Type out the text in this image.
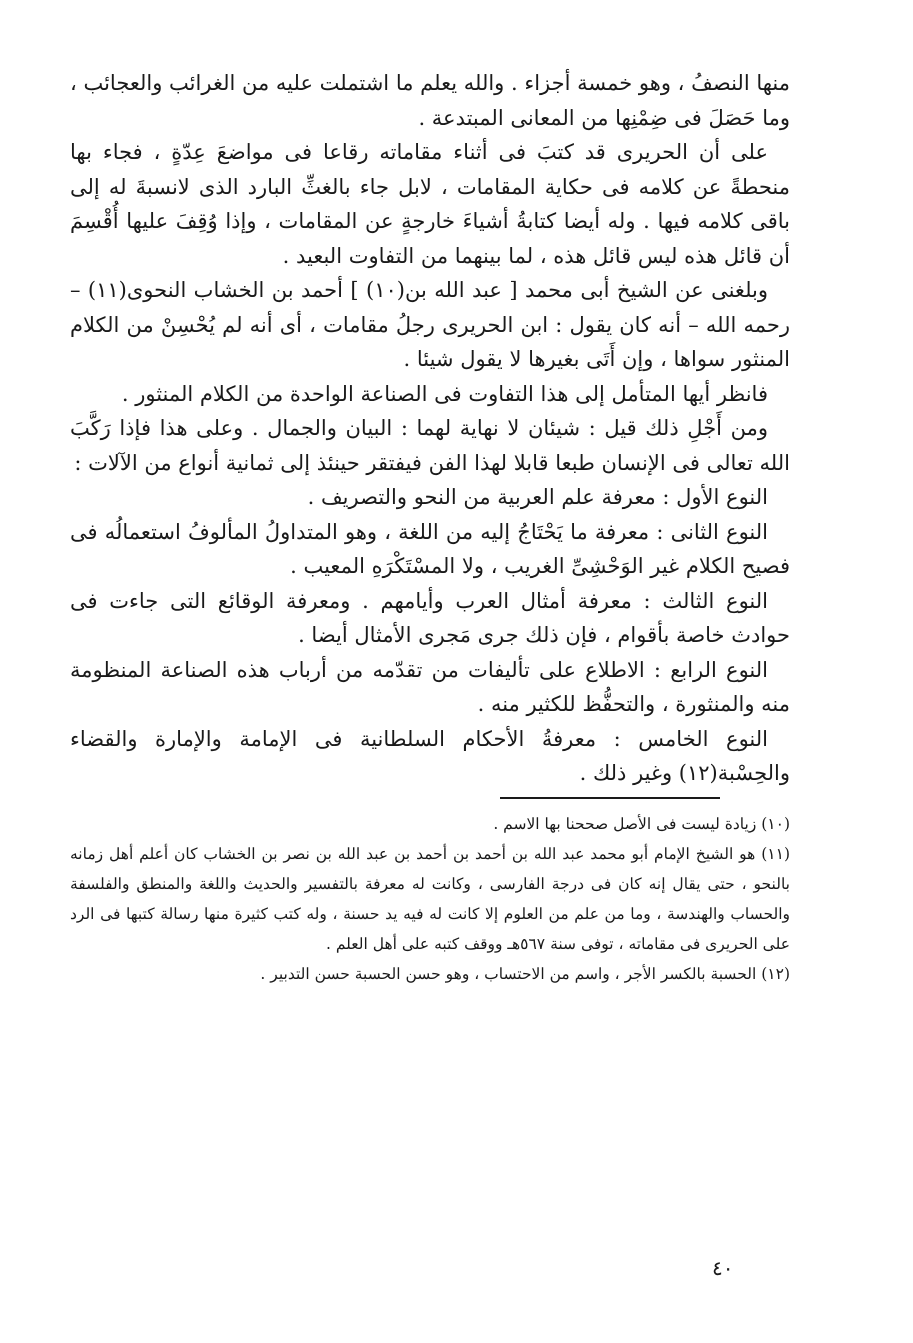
منها النصفُ ، وهو خمسة أجزاء . والله يعلم ما اشتملت عليه من الغرائب والعجائب ، وما حَصَلَ فى ضِمْنِها من المعانى المبتدعة .

على أن الحريرى قد كتبَ فى أثناء مقاماته رقاعا فى مواضعَ عِدّةٍ ، فجاء بها منحطةً عن كلامه فى حكاية المقامات ، لابل جاء بالغثِّ البارد الذى لانسبةَ له إلى باقى كلامه فيها . وله أيضا كتابةُ أشياءَ خارجةٍ عن المقامات ، وإذا وُقِفَ عليها أُقْسِمَ أن قائل هذه ليس قائل هذه ، لما بينهما من التفاوت البعيد .

وبلغنى عن الشيخ أبى محمد [ عبد الله بن(١٠) ] أحمد بن الخشاب النحوى(١١) – رحمه الله – أنه كان يقول : ابن الحريرى رجلُ مقامات ، أى أنه لم يُحْسِنْ من الكلام المنثور سواها ، وإن أَتَى بغيرها لا يقول شيئا .

فانظر أيها المتأمل إلى هذا التفاوت فى الصناعة الواحدة من الكلام المنثور .

ومن أَجْلِ ذلك قيل : شيئان لا نهاية لهما : البيان والجمال . وعلى هذا فإذا رَكَّبَ الله تعالى فى الإنسان طبعا قابلا لهذا الفن فيفتقر حينئذ إلى ثمانية أنواع من الآلات :

النوع الأول : معرفة علم العربية من النحو والتصريف .

النوع الثانى : معرفة ما يَحْتَاجُ إليه من اللغة ، وهو المتداولُ المألوفُ استعمالُه فى فصيح الكلام غير الوَحْشِىِّ الغريب ، ولا المسْتَكْرَهِ المعيب .

النوع الثالث : معرفة أمثال العرب وأيامهم . ومعرفة الوقائع التى جاءت فى حوادث خاصة بأقوام ، فإن ذلك جرى مَجرى الأمثال أيضا .

النوع الرابع : الاطلاع على تأليفات من تقدّمه من أرباب هذه الصناعة المنظومة منه والمنثورة ، والتحفُّظ للكثير منه .

النوع الخامس : معرفةُ الأحكام السلطانية فى الإمامة والإمارة والقضاء والحِسْبة(١٢) وغير ذلك .

(١٠) زيادة ليست فى الأصل صححنا بها الاسم .

(١١) هو الشيخ الإمام أبو محمد عبد الله بن أحمد بن أحمد بن عبد الله بن نصر بن الخشاب كان أعلم أهل زمانه بالنحو ، حتى يقال إنه كان فى درجة الفارسى ، وكانت له معرفة بالتفسير والحديث واللغة والمنطق والفلسفة والحساب والهندسة ، وما من علم من العلوم إلا كانت له فيه يد حسنة ، وله كتب كثيرة منها رسالة كتبها فى الرد على الحريرى فى مقاماته ، توفى سنة ٥٦٧هـ ووقف كتبه على أهل العلم .

(١٢) الحسبة بالكسر الأجر ، واسم من الاحتساب ، وهو حسن الحسبة حسن التدبير .

٤٠
